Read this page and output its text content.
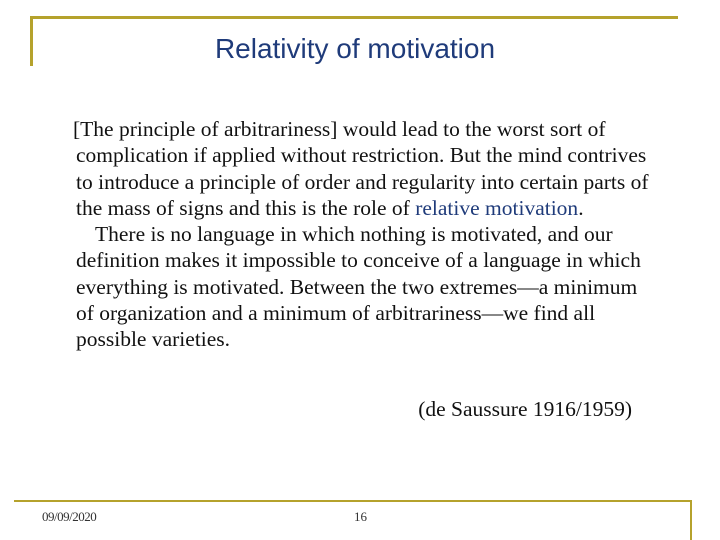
Relativity of motivation

[The principle of arbitrariness] would lead to the worst sort of complication if applied without restriction. But the mind contrives to introduce a principle of order and regularity into certain parts of the mass of signs and this is the role of relative motivation.

There is no language in which nothing is motivated, and our definition makes it impossible to conceive of a language in which everything is motivated. Between the two extremes—a minimum of organization and a minimum of arbitrariness—we find all possible varieties.

(de Saussure 1916/1959)
09/09/2020	16
